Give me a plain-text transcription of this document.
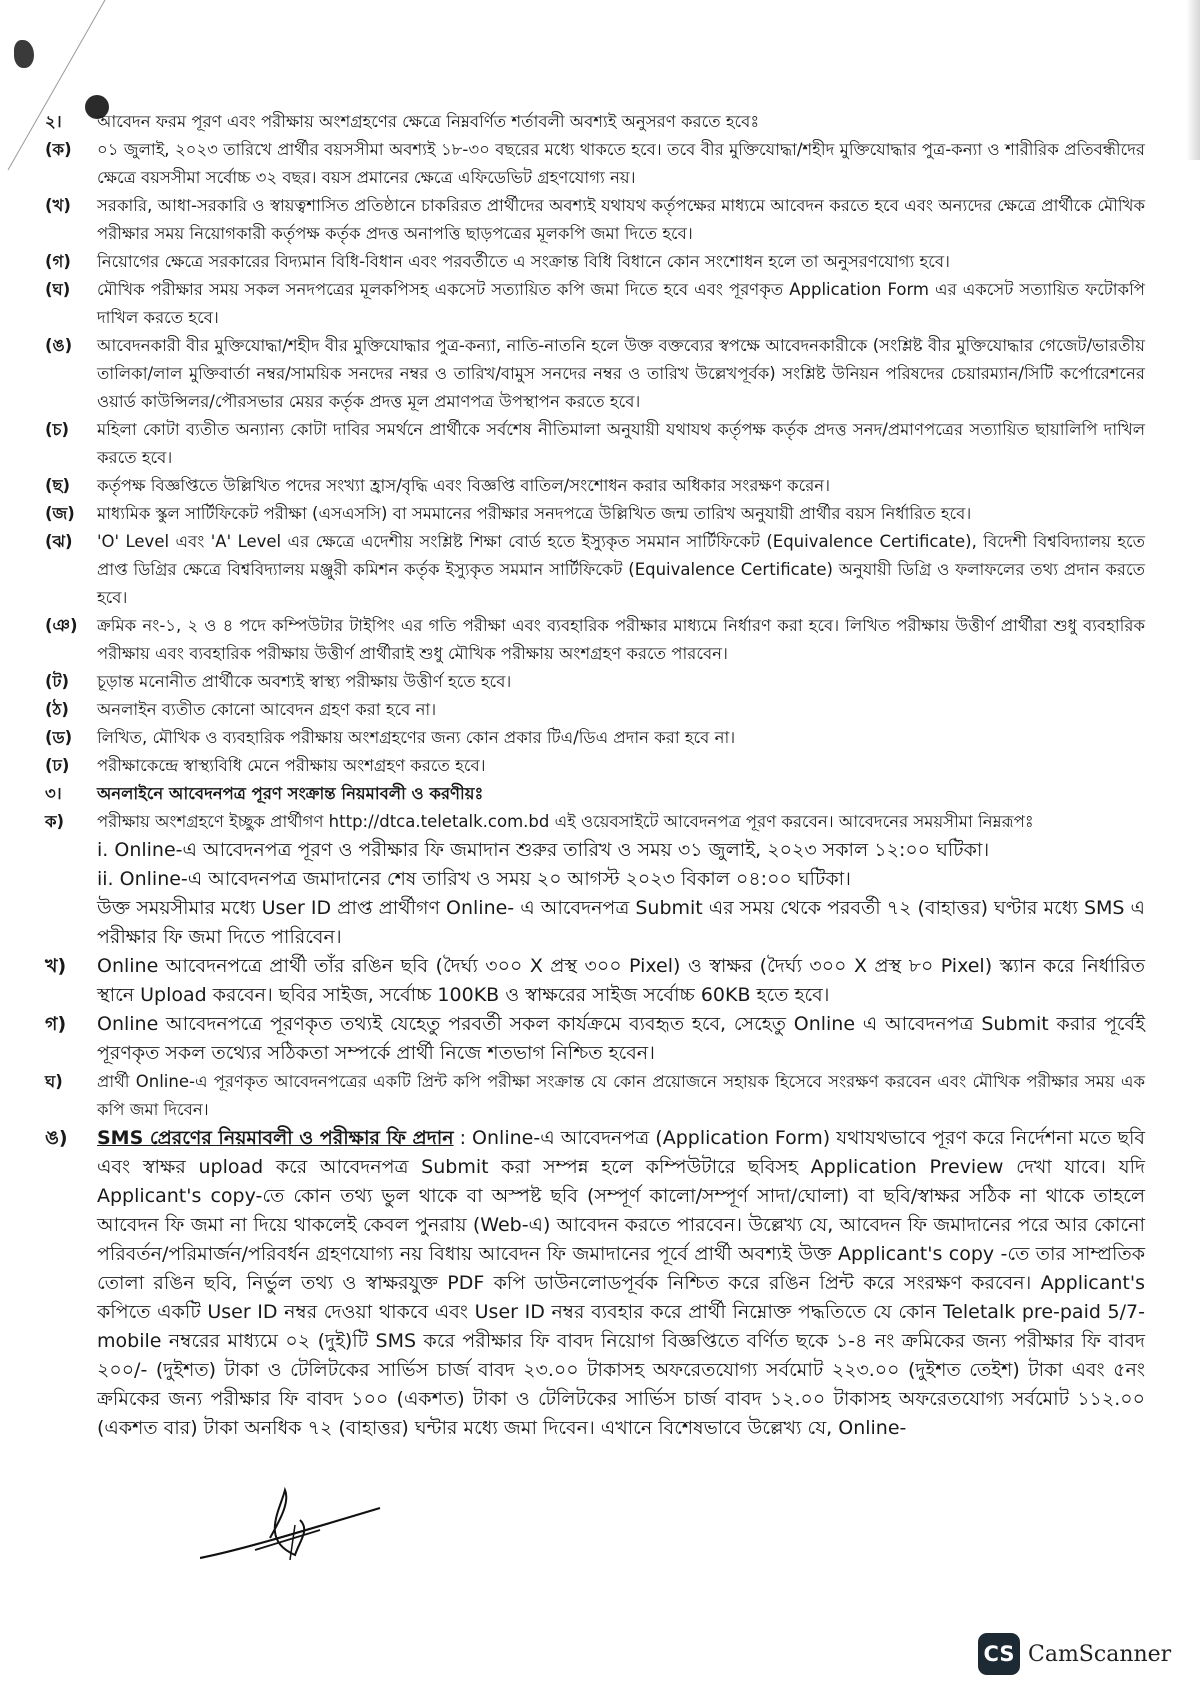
২।	আবেদন ফরম পূরণ এবং পরীক্ষায় অংশগ্রহণের ক্ষেত্রে নিম্নবর্ণিত শর্তাবলী অবশ্যই অনুসরণ করতে হবেঃ
(ক)	০১ জুলাই, ২০২৩ তারিখে প্রার্থীর বয়সসীমা অবশ্যই ১৮-৩০ বছরের মধ্যে থাকতে হবে। তবে বীর মুক্তিযোদ্ধা/শহীদ মুক্তিযোদ্ধার পুত্র-কন্যা ও শারীরিক প্রতিবন্ধীদের ক্ষেত্রে বয়সসীমা সর্বোচ্চ ৩২ বছর। বয়স প্রমানের ক্ষেত্রে এফিডেভিট গ্রহণযোগ্য নয়।
(খ)	সরকারি, আধা-সরকারি ও স্বায়ত্বশাসিত প্রতিষ্ঠানে চাকরিরত প্রার্থীদের অবশ্যই যথাযথ কর্তৃপক্ষের মাধ্যমে আবেদন করতে হবে এবং অন্যদের ক্ষেত্রে প্রার্থীকে মৌখিক পরীক্ষার সময় নিয়োগকারী কর্তৃপক্ষ কর্তৃক প্রদত্ত অনাপত্তি ছাড়পত্রের মূলকপি জমা দিতে হবে।
(গ)	নিয়োগের ক্ষেত্রে সরকারের বিদ্যমান বিধি-বিধান এবং পরবর্তীতে এ সংক্রান্ত বিধি বিধানে কোন সংশোধন হলে তা অনুসরণযোগ্য হবে।
(ঘ)	মৌখিক পরীক্ষার সময় সকল সনদপত্রের মূলকপিসহ একসেট সত্যায়িত কপি জমা দিতে হবে এবং পূরণকৃত Application Form এর একসেট সত্যায়িত ফটোকপি দাখিল করতে হবে।
(ঙ)	আবেদনকারী বীর মুক্তিযোদ্ধা/শহীদ বীর মুক্তিযোদ্ধার পুত্র-কন্যা, নাতি-নাতনি হলে উক্ত বক্তব্যের স্বপক্ষে আবেদনকারীকে (সংশ্লিষ্ট বীর মুক্তিযোদ্ধার গেজেট/ভারতীয় তালিকা/লাল মুক্তিবার্তা নম্বর/সাময়িক সনদের নম্বর ও তারিখ/বামুস সনদের নম্বর ও তারিখ উল্লেখপূর্বক) সংশ্লিষ্ট উনিয়ন পরিষদের চেয়ারম্যান/সিটি কর্পোরেশনের ওয়ার্ড কাউন্সিলর/পৌরসভার মেয়র কর্তৃক প্রদত্ত মূল প্রমাণপত্র উপস্থাপন করতে হবে।
(চ)	মহিলা কোটা ব্যতীত অন্যান্য কোটা দাবির সমর্থনে প্রার্থীকে সর্বশেষ নীতিমালা অনুযায়ী যথাযথ কর্তৃপক্ষ কর্তৃক প্রদত্ত সনদ/প্রমাণপত্রের সত্যায়িত ছায়ালিপি দাখিল করতে হবে।
(ছ)	কর্তৃপক্ষ বিজ্ঞপ্তিতে উল্লিখিত পদের সংখ্যা হ্রাস/বৃদ্ধি এবং বিজ্ঞপ্তি বাতিল/সংশোধন করার অধিকার সংরক্ষণ করেন।
(জ)	মাধ্যমিক স্কুল সার্টিফিকেট পরীক্ষা (এসএসসি) বা সমমানের পরীক্ষার সনদপত্রে উল্লিখিত জন্ম তারিখ অনুযায়ী প্রার্থীর বয়স নির্ধারিত হবে।
(ঝ)	'O' Level এবং 'A' Level এর ক্ষেত্রে এদেশীয় সংশ্লিষ্ট শিক্ষা বোর্ড হতে ইস্যুকৃত সমমান সার্টিফিকেট (Equivalence Certificate), বিদেশী বিশ্ববিদ্যালয় হতে প্রাপ্ত ডিগ্রির ক্ষেত্রে বিশ্ববিদ্যালয় মঞ্জুরী কমিশন কর্তৃক ইস্যুকৃত সমমান সার্টিফিকেট (Equivalence Certificate) অনুযায়ী ডিগ্রি ও ফলাফলের তথ্য প্রদান করতে হবে।
(ঞ)	ক্রমিক নং-১, ২ ও ৪ পদে কম্পিউটার টাইপিং এর গতি পরীক্ষা এবং ব্যবহারিক পরীক্ষার মাধ্যমে নির্ধারণ করা হবে। লিখিত পরীক্ষায় উত্তীর্ণ প্রার্থীরা শুধু ব্যবহারিক পরীক্ষায় এবং ব্যবহারিক পরীক্ষায় উত্তীর্ণ প্রার্থীরাই শুধু মৌখিক পরীক্ষায় অংশগ্রহণ করতে পারবেন।
(ট)	চূড়ান্ত মনোনীত প্রার্থীকে অবশ্যই স্বাস্থ্য পরীক্ষায় উত্তীর্ণ হতে হবে।
(ঠ)	অনলাইন ব্যতীত কোনো আবেদন গ্রহণ করা হবে না।
(ড)	লিখিত, মৌখিক ও ব্যবহারিক পরীক্ষায় অংশগ্রহণের জন্য কোন প্রকার টিএ/ডিএ প্রদান করা হবে না।
(ঢ)	পরীক্ষাকেন্দ্রে স্বাস্থ্যবিধি মেনে পরীক্ষায় অংশগ্রহণ করতে হবে।
৩।	অনলাইনে আবেদনপত্র পূরণ সংক্রান্ত নিয়মাবলী ও করণীয়ঃ
ক)	পরীক্ষায় অংশগ্রহণে ইচ্ছুক প্রার্থীগণ http://dtca.teletalk.com.bd এই ওয়েবসাইটে আবেদনপত্র পূরণ করবেন। আবেদনের সময়সীমা নিম্নরূপঃ
i. Online-এ আবেদনপত্র পূরণ ও পরীক্ষার ফি জমাদান শুরুর তারিখ ও সময় ৩১ জুলাই, ২০২৩ সকাল ১২:০০ ঘটিকা।
ii. Online-এ আবেদনপত্র জমাদানের শেষ তারিখ ও সময় ২০ আগস্ট ২০২৩ বিকাল ০৪:০০ ঘটিকা।
উক্ত সময়সীমার মধ্যে User ID প্রাপ্ত প্রার্থীগণ Online- এ আবেদনপত্র Submit এর সময় থেকে পরবর্তী ৭২ (বাহাত্তর) ঘণ্টার মধ্যে SMS এ পরীক্ষার ফি জমা দিতে পারিবেন।
খ)	Online আবেদনপত্রে প্রার্থী তাঁর রঙিন ছবি (দৈর্ঘ্য ৩০০ X প্রস্থ ৩০০ Pixel) ও স্বাক্ষর (দৈর্ঘ্য ৩০০ X প্রস্থ ৮০ Pixel) স্ক্যান করে নির্ধারিত স্থানে Upload করবেন। ছবির সাইজ, সর্বোচ্চ 100KB ও স্বাক্ষরের সাইজ সর্বোচ্চ 60KB হতে হবে।
গ)	Online আবেদনপত্রে পূরণকৃত তথ্যই যেহেতু পরবর্তী সকল কার্যক্রমে ব্যবহৃত হবে, সেহেতু Online এ আবেদনপত্র Submit করার পূর্বেই পূরণকৃত সকল তথ্যের সঠিকতা সম্পর্কে প্রার্থী নিজে শতভাগ নিশ্চিত হবেন।
ঘ)	প্রার্থী Online-এ পূরণকৃত আবেদনপত্রের একটি প্রিন্ট কপি পরীক্ষা সংক্রান্ত যে কোন প্রয়োজনে সহায়ক হিসেবে সংরক্ষণ করবেন এবং মৌখিক পরীক্ষার সময় এক কপি জমা দিবেন।
ঙ)	SMS প্রেরণের নিয়মাবলী ও পরীক্ষার ফি প্রদান : Online-এ আবেদনপত্র (Application Form) যথাযথভাবে পূরণ করে নির্দেশনা মতে ছবি এবং স্বাক্ষর upload করে আবেদনপত্র Submit করা সম্পন্ন হলে কম্পিউটারে ছবিসহ Application Preview দেখা যাবে। যদি Applicant's copy-তে কোন তথ্য ভুল থাকে বা অস্পষ্ট ছবি (সম্পূর্ণ কালো/সম্পূর্ণ সাদা/ঘোলা) বা ছবি/স্বাক্ষর সঠিক না থাকে তাহলে আবেদন ফি জমা না দিয়ে থাকলেই কেবল পুনরায় (Web-এ) আবেদন করতে পারবেন। উল্লেখ্য যে, আবেদন ফি জমাদানের পরে আর কোনো পরিবর্তন/পরিমার্জন/পরিবর্ধন গ্রহণযোগ্য নয় বিধায় আবেদন ফি জমাদানের পূর্বে প্রার্থী অবশ্যই উক্ত Applicant's copy -তে তার সাম্প্রতিক তোলা রঙিন ছবি, নির্ভুল তথ্য ও স্বাক্ষরযুক্ত PDF কপি ডাউনলোডপূর্বক নিশ্চিত করে রঙিন প্রিন্ট করে সংরক্ষণ করবেন। Applicant's কপিতে একটি User ID নম্বর দেওয়া থাকবে এবং User ID নম্বর ব্যবহার করে প্রার্থী নিম্নোক্ত পদ্ধতিতে যে কোন Teletalk pre-paid 5/7-mobile নম্বরের মাধ্যমে ০২ (দুই)টি SMS করে পরীক্ষার ফি বাবদ নিয়োগ বিজ্ঞপ্তিতে বর্ণিত ছকে ১-৪ নং ক্রমিকের জন্য পরীক্ষার ফি বাবদ ২০০/- (দুইশত) টাকা ও টেলিটকের সার্ভিস চার্জ বাবদ ২৩.০০ টাকাসহ অফরেতযোগ্য সর্বমোট ২২৩.০০ (দুইশত তেইশ) টাকা এবং ৫নং ক্রমিকের জন্য পরীক্ষার ফি বাবদ ১০০ (একশত) টাকা ও টেলিটকের সার্ভিস চার্জ বাবদ ১২.০০ টাকাসহ অফরেতযোগ্য সর্বমোট ১১২.০০ (একশত বার) টাকা অনধিক ৭২ (বাহাত্তর) ঘন্টার মধ্যে জমা দিবেন। এখানে বিশেষভাবে উল্লেখ্য যে, Online-
CS CamScanner
